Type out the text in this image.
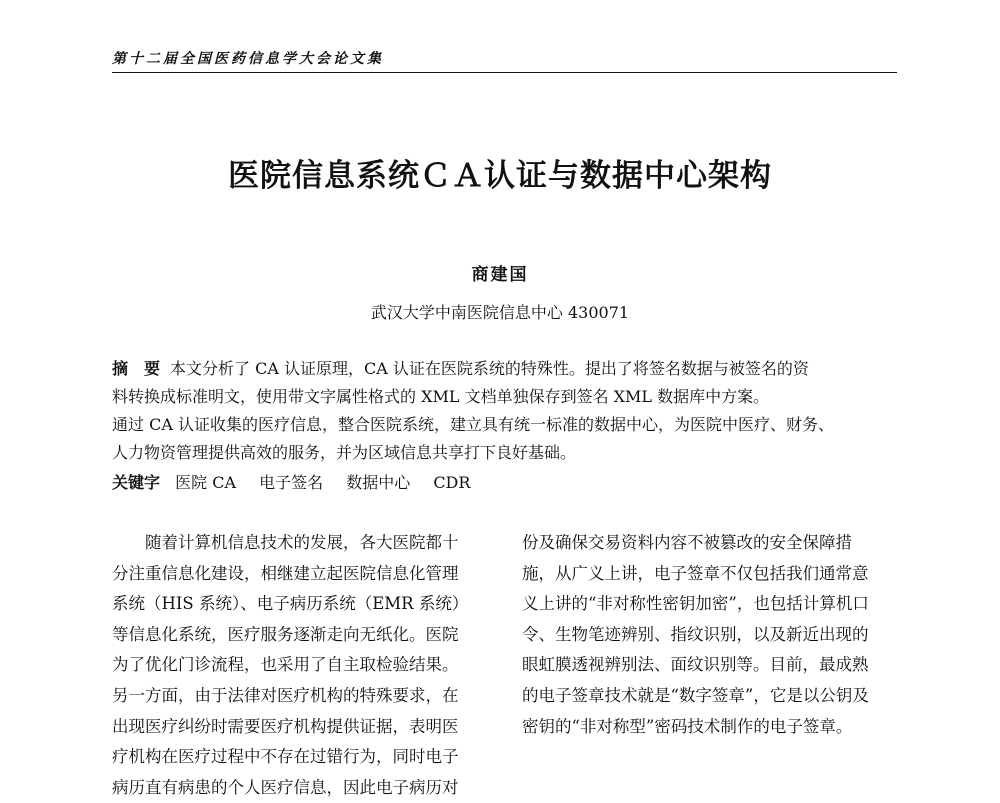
第十二届全国医药信息学大会论文集
医院信息系统ＣＡ认证与数据中心架构
商建国
武汉大学中南医院信息中心 430071
摘　要 本文分析了 CA 认证原理，CA 认证在医院系统的特殊性。提出了将签名数据与被签名的资
料转换成标准明文，使用带文字属性格式的 XML 文档单独保存到签名 XML 数据库中方案。
通过 CA 认证收集的医疗信息，整合医院系统，建立具有统一标准的数据中心，为医院中医疗、财务、
人力物资管理提供高效的服务，并为区域信息共享打下良好基础。
关键字 医院 CA 电子签名 数据中心 CDR
　　随着计算机信息技术的发展，各大医院都十
分注重信息化建设，相继建立起医院信息化管理
系统（HIS 系统）、电子病历系统（EMR 系统）
等信息化系统，医疗服务逐渐走向无纸化。医院
为了优化门诊流程，也采用了自主取检验结果。
另一方面，由于法律对医疗机构的特殊要求，在
出现医疗纠纷时需要医疗机构提供证据，表明医
疗机构在医疗过程中不存在过错行为，同时电子
病历直有病患的个人医疗信息，因此电子病历对
份及确保交易资料内容不被篡改的安全保障措
施，从广义上讲，电子签章不仅包括我们通常意
义上讲的“非对称性密钥加密”，也包括计算机口
令、生物笔迹辨别、指纹识别，以及新近出现的
眼虹膜透视辨别法、面纹识别等。目前，最成熟
的电子签章技术就是“数字签章”，它是以公钥及
密钥的“非对称型”密码技术制作的电子签章。
